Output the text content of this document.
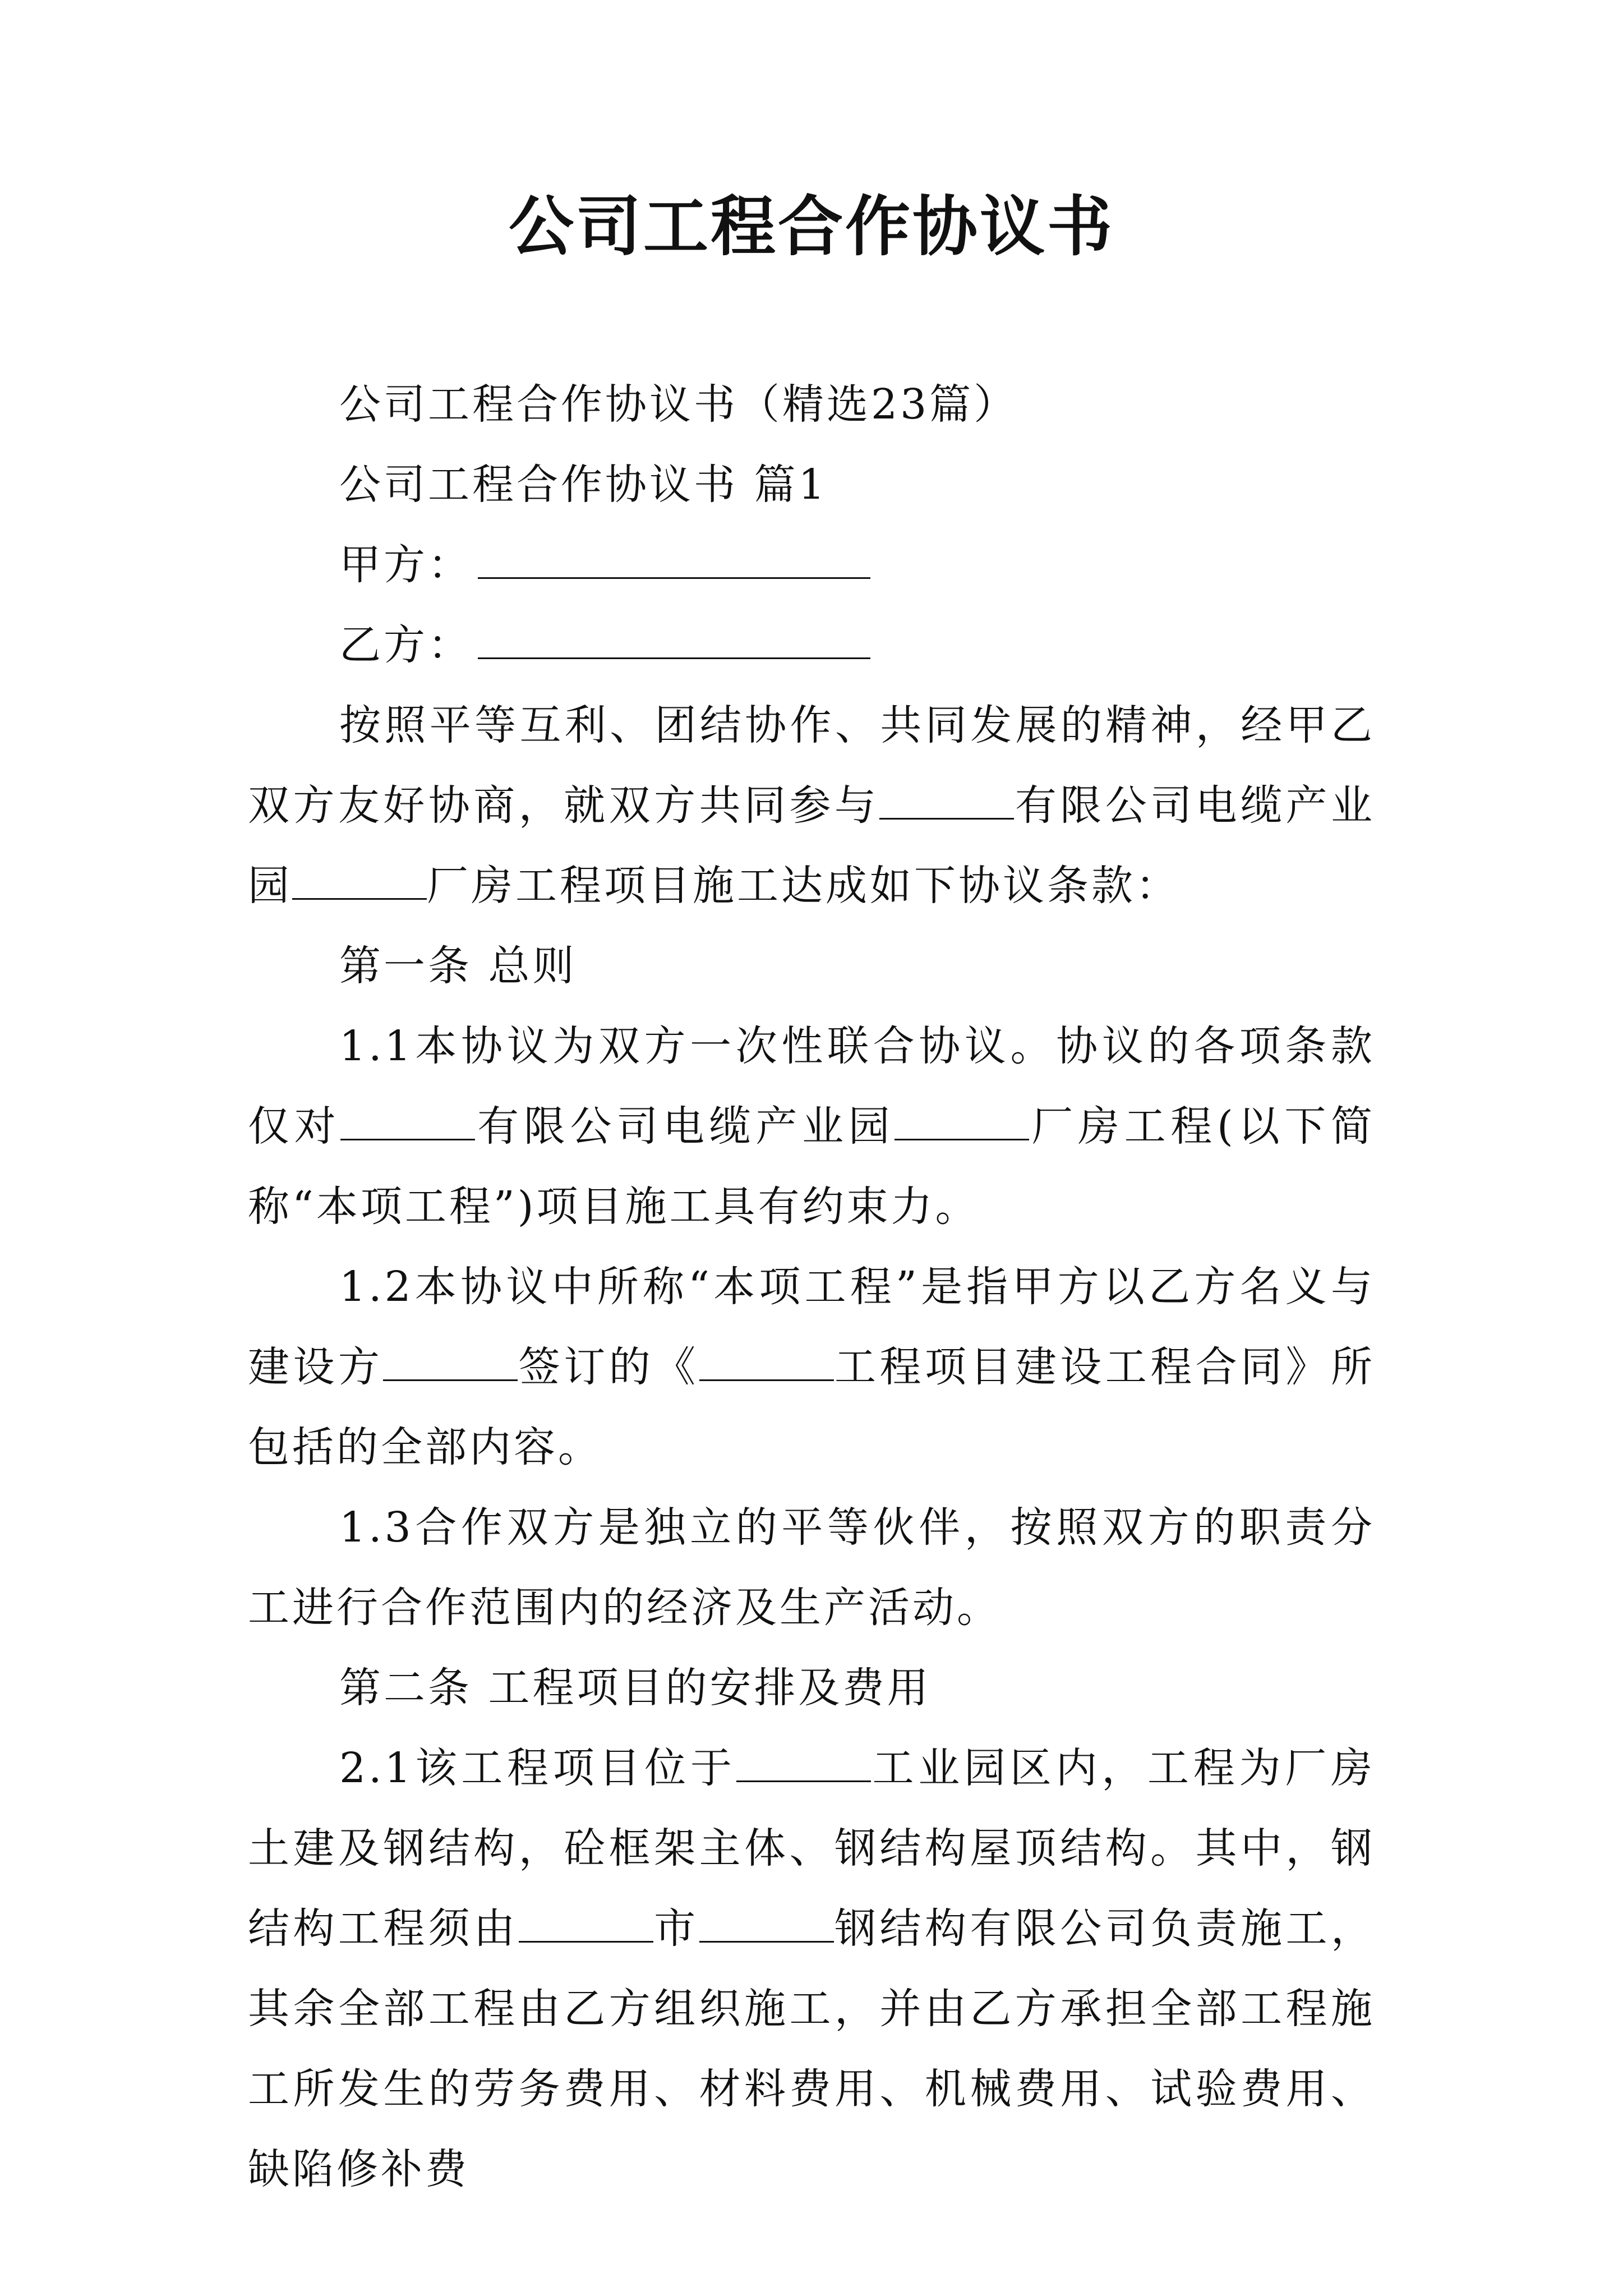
公司工程合作协议书

公司工程合作协议书（精选23篇）

公司工程合作协议书 篇1

甲方：

乙方：

按照平等互利、团结协作、共同发展的精神，经甲乙双方友好协商，就双方共同参与	有限公司电缆产业园	厂房工程项目施工达成如下协议条款：

第一条 总则

1.1本协议为双方一次性联合协议。协议的各项条款仅对	有限公司电缆产业园	厂房工程(以下简称“本项工程”)项目施工具有约束力。

1.2本协议中所称“本项工程”是指甲方以乙方名义与建设方	签订的《	工程项目建设工程合同》所包括的全部内容。

1.3合作双方是独立的平等伙伴，按照双方的职责分工进行合作范围内的经济及生产活动。

第二条 工程项目的安排及费用

2.1该工程项目位于	工业园区内，工程为厂房土建及钢结构，砼框架主体、钢结构屋顶结构。其中，钢结构工程须由	市	钢结构有限公司负责施工，其余全部工程由乙方组织施工，并由乙方承担全部工程施工所发生的劳务费用、材料费用、机械费用、试验费用、缺陷修补费
